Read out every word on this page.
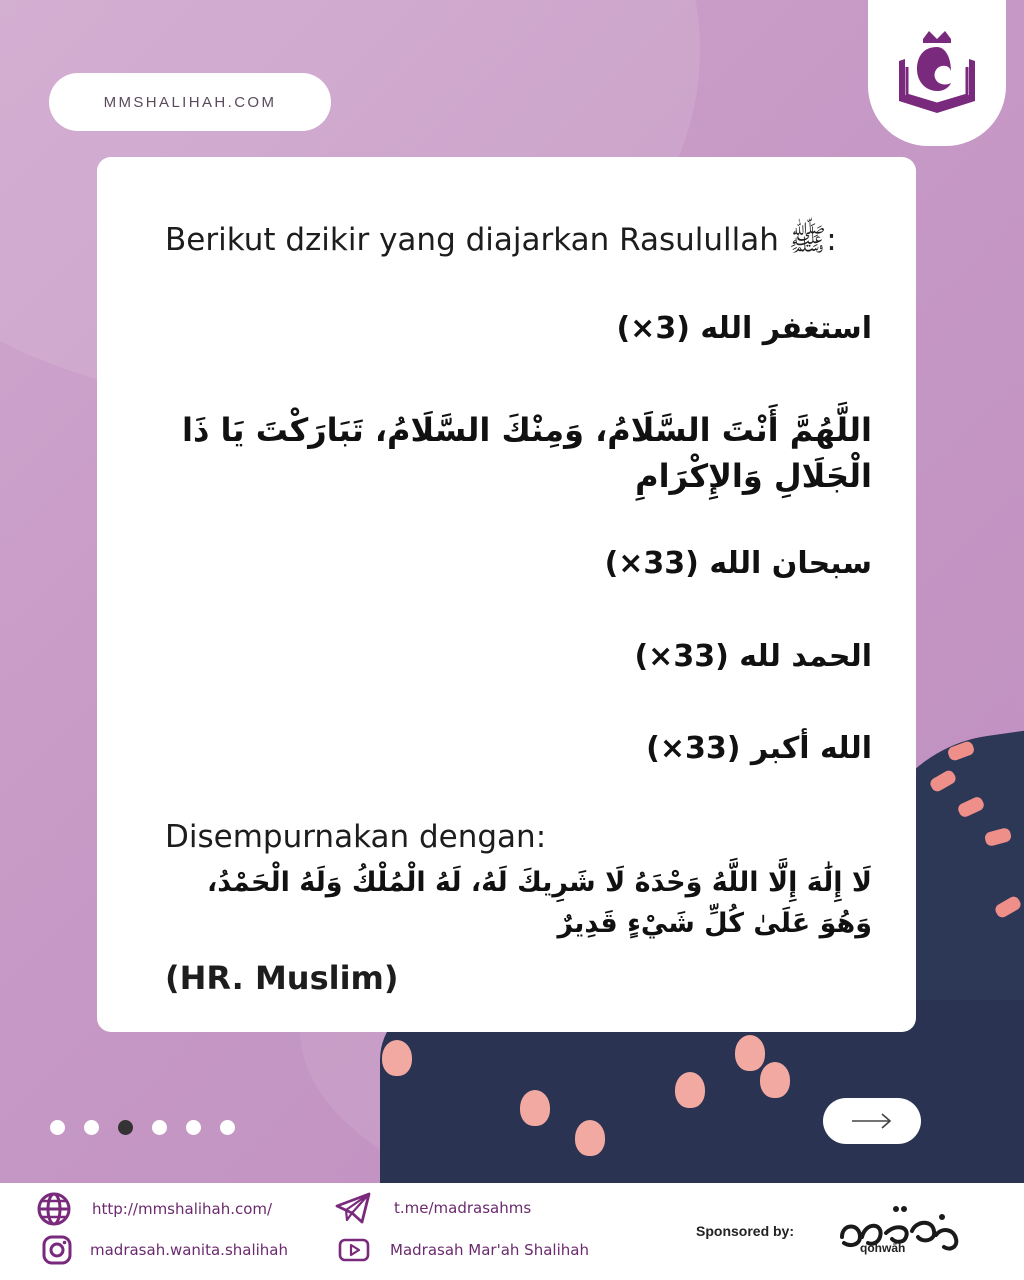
MMSHALIHAH.COM
Berikut dzikir yang diajarkan Rasulullah ﷺ:
استغفر الله (3×)
اللَّهُمَّ أَنْتَ السَّلَامُ، وَمِنْكَ السَّلَامُ، تَبَارَكْتَ يَا ذَا الْجَلَالِ وَالإِكْرَامِ
سبحان الله (33×)
الحمد لله (33×)
الله أكبر (33×)
Disempurnakan dengan:
لَا إِلَٰهَ إِلَّا اللَّهُ وَحْدَهُ لَا شَرِيكَ لَهُ، لَهُ الْمُلْكُ وَلَهُ الْحَمْدُ، وَهُوَ عَلَىٰ كُلِّ شَيْءٍ قَدِيرٌ
(HR. Muslim)
http://mmshalihah.com/	t.me/madrasahms
madrasah.wanita.shalihah	Madrasah Mar'ah Shalihah
Sponsored by:
qohwāh
